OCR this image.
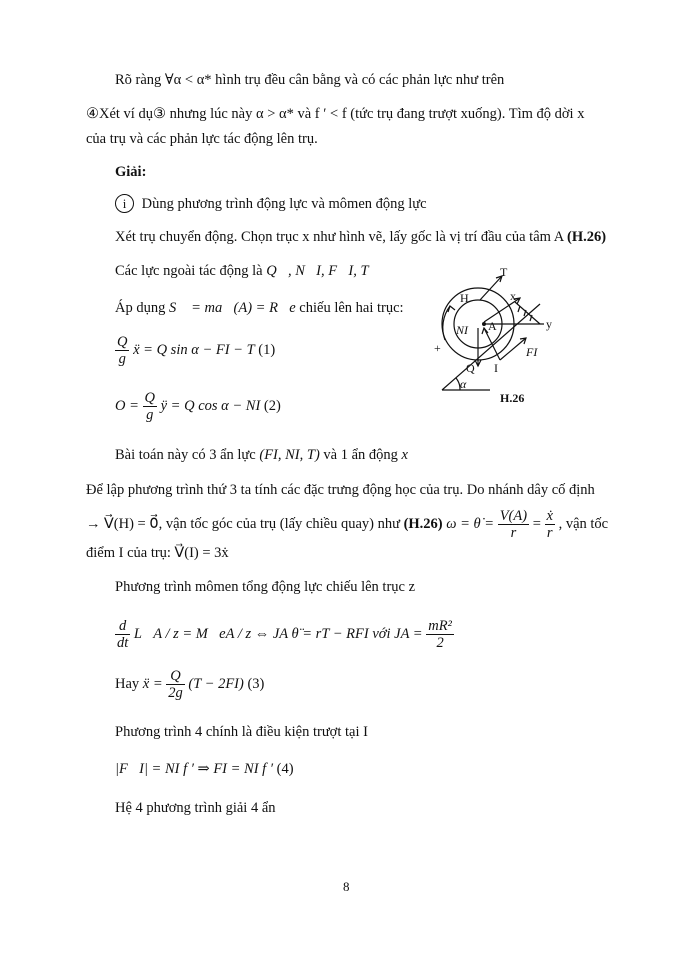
Rõ ràng ∀α < α* hình trụ đều cân bằng và có các phản lực như trên
④Xét ví dụ③ nhưng lúc này α > α* và f ′ < f (tức trụ đang trượt xuống). Tìm độ dời x
của trụ và các phản lực tác động lên trụ.
Giải:
i Dùng phương trình động lực và mômen động lực
Xét trụ chuyển động. Chọn trục x như hình vẽ, lấy gốc là vị trí đầu của tâm A (H.26)
Các lực ngoài tác động là Q⃗, N⃗I, F⃗I, T⃗
Áp dụng S⃗ = ma⃗(A) = R⃗e chiếu lên hai trục:
$\frac{Q}{g}$ ẍ = Q sin α − FI − T (1)
$O = \frac{Q}{g}$ ÿ = Q cos α − NI (2)
Bài toán này có 3 ẩn lực (FI, NI, T) và 1 ẩn động x
Để lập phương trình thứ 3 ta tính các đặc trưng động học của trụ. Do nhánh dây cố định
→ V⃗(H) = 0⃗, vận tốc góc của trụ (lấy chiều quay) như (H.26) ω = θ̇ = $\frac{V(A)}{r} = \frac{\text{ẋ}}{r}$ , vận tốc
điểm I của trụ: V⃗(I) = 3ẋ
Phương trình mômen tổng động lực chiếu lên trục z
$\frac{d}{dt}$ L⃗A / z = M⃗eA / z ⇔ JA θ̈ = rT − RFI với JA = $\frac{\text{mR²}}{2}$
Hay ẍ = $\frac{Q}{2g} (T - 2FI)$ (3)
Phương trình 4 chính là điều kiện trượt tại I
|F⃗I| = NI f ′ ⇒ FI = NI f ′ (4)
Hệ 4 phương trình giải 4 ẩn
8
T
H	x
y
NI A
+
Q I
FI
α
H.26
